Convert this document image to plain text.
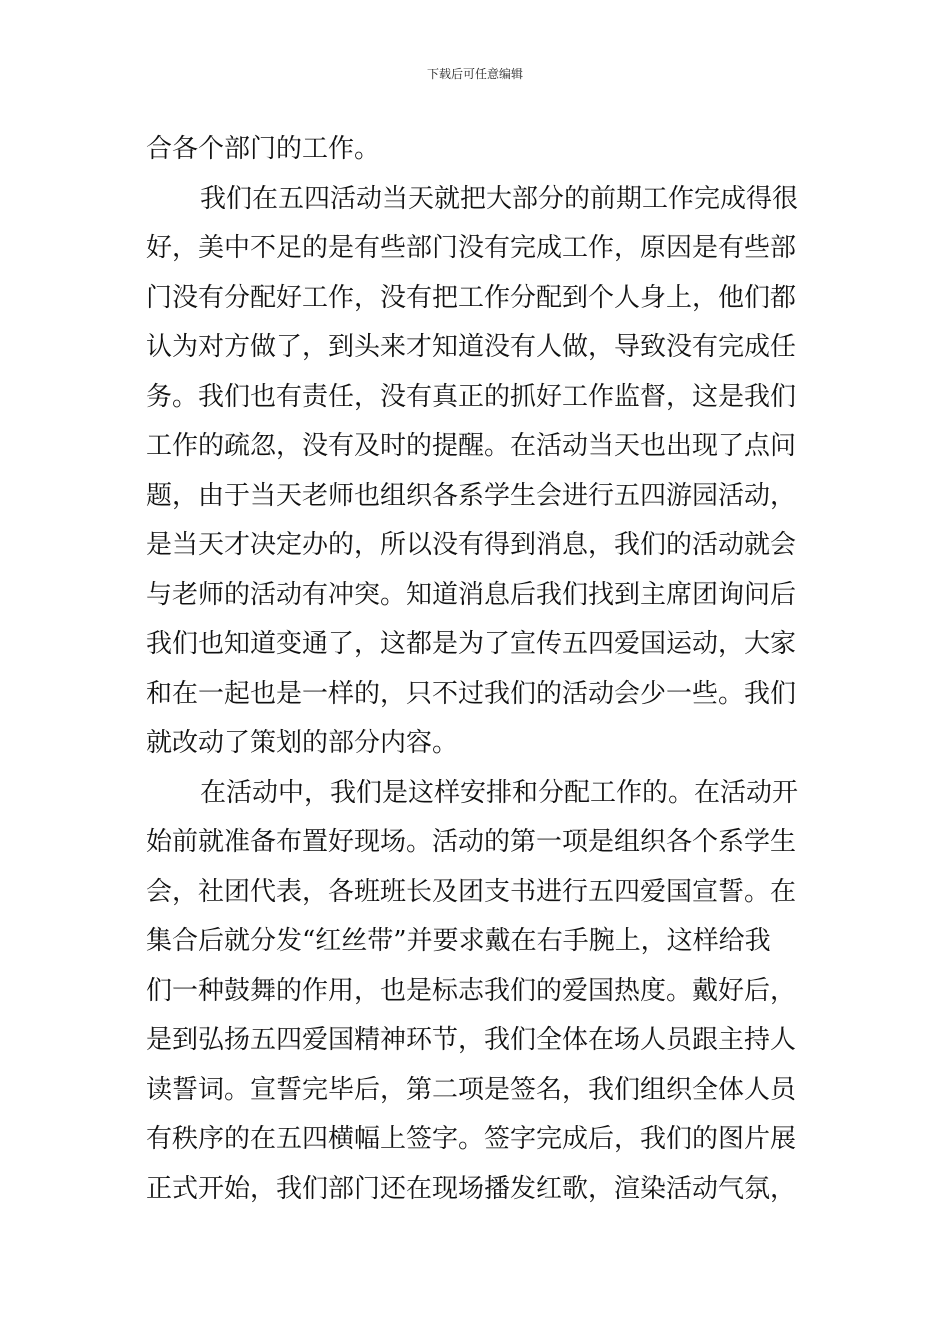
下载后可任意编辑
合各个部门的工作。
我们在五四活动当天就把大部分的前期工作完成得很
好，美中不足的是有些部门没有完成工作，原因是有些部
门没有分配好工作，没有把工作分配到个人身上，他们都
认为对方做了，到头来才知道没有人做，导致没有完成任
务。我们也有责任，没有真正的抓好工作监督，这是我们
工作的疏忽，没有及时的提醒。在活动当天也出现了点问
题，由于当天老师也组织各系学生会进行五四游园活动，
是当天才决定办的，所以没有得到消息，我们的活动就会
与老师的活动有冲突。知道消息后我们找到主席团询问后
我们也知道变通了，这都是为了宣传五四爱国运动，大家
和在一起也是一样的，只不过我们的活动会少一些。我们
就改动了策划的部分内容。
在活动中，我们是这样安排和分配工作的。在活动开
始前就准备布置好现场。活动的第一项是组织各个系学生
会，社团代表，各班班长及团支书进行五四爱国宣誓。在
集合后就分发“红丝带”并要求戴在右手腕上，这样给我
们一种鼓舞的作用，也是标志我们的爱国热度。戴好后，
是到弘扬五四爱国精神环节，我们全体在场人员跟主持人
读誓词。宣誓完毕后，第二项是签名，我们组织全体人员
有秩序的在五四横幅上签字。签字完成后，我们的图片展
正式开始，我们部门还在现场播发红歌，渲染活动气氛，
